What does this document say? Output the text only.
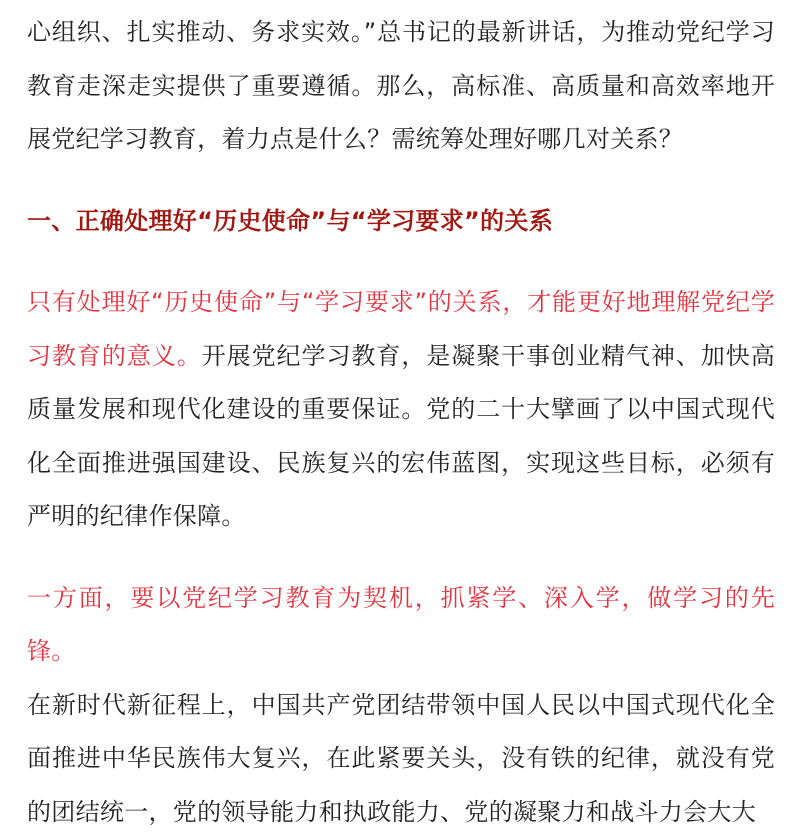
心组织、扎实推动、务求实效。”总书记的最新讲话，为推动党纪学习教育走深走实提供了重要遵循。那么，高标准、高质量和高效率地开展党纪学习教育，着力点是什么？需统筹处理好哪几对关系？

一、正确处理好“历史使命”与“学习要求”的关系

只有处理好“历史使命”与“学习要求”的关系，才能更好地理解党纪学习教育的意义。开展党纪学习教育，是凝聚干事创业精气神、加快高质量发展和现代化建设的重要保证。党的二十大擘画了以中国式现代化全面推进强国建设、民族复兴的宏伟蓝图，实现这些目标，必须有严明的纪律作保障。

一方面，要以党纪学习教育为契机，抓紧学、深入学，做学习的先锋。
在新时代新征程上，中国共产党团结带领中国人民以中国式现代化全面推进中华民族伟大复兴，在此紧要关头，没有铁的纪律，就没有党的团结统一，党的领导能力和执政能力、党的凝聚力和战斗力会大大
